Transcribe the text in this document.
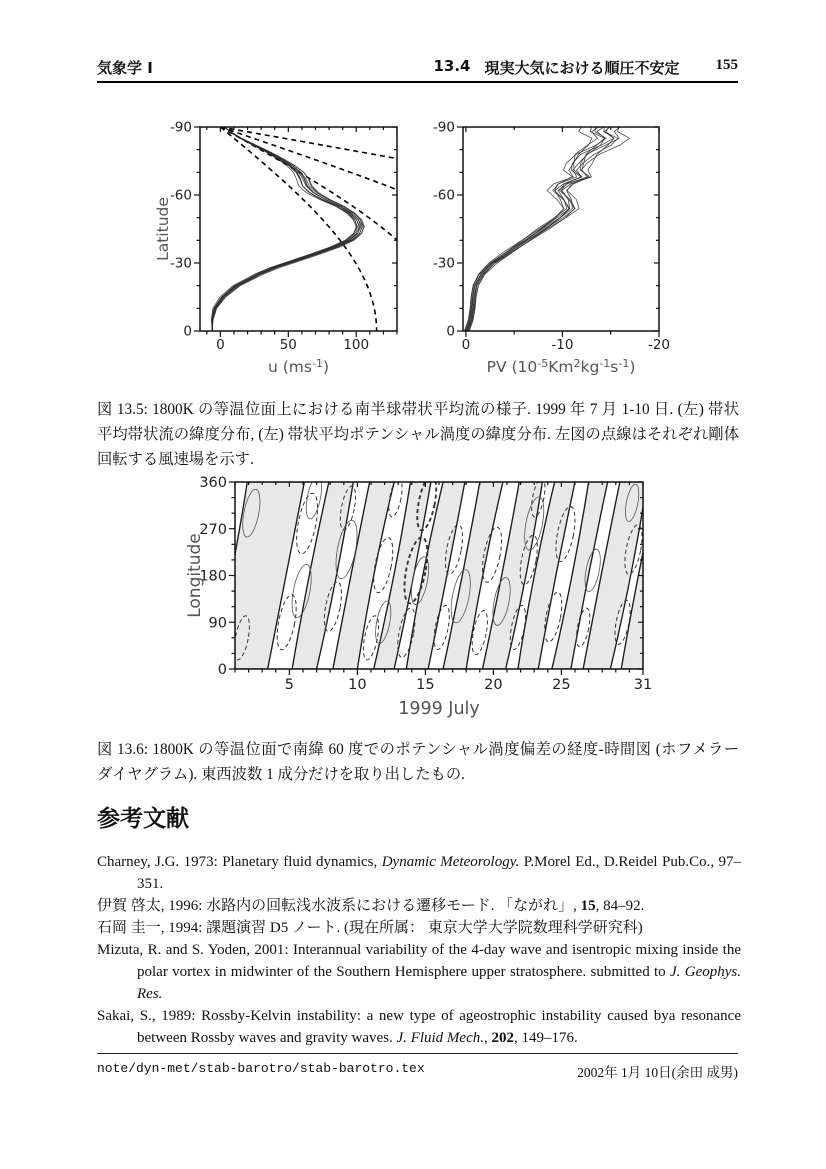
気象学 I	13.4 現実大気における順圧不安定 155
0	50	100
-90
-60
-30
0
Latitude
u $(ms^{-1})$
0	-10	-20
-90
-60
-30
0
PV $(10^{-5}Km^2kg^{-1}s^{-1})$
図 13.5: 1800K の等温位面上における南半球帯状平均流の様子. 1999 年 7 月 1-10 日. (左) 帯状平均帯状流の緯度分布, (左) 帯状平均ポテンシャル渦度の緯度分布. 左図の点線はそれぞれ剛体回転する風速場を示す.
5	10	15	20	25	31
0
90
180
270
360
Longitude
1999 July
図 13.6: 1800K の等温位面で南緯 60 度でのポテンシャル渦度偏差の経度-時間図 (ホフメラー ダイヤグラム). 東西波数 1 成分だけを取り出したもの.
参考文献

Charney, J.G. 1973: Planetary fluid dynamics, Dynamic Meteorology. P.Morel Ed., D.Reidel Pub.Co., 97–351.

伊賀 啓太, 1996: 水路内の回転浅水波系における遷移モード. 「ながれ」, 15, 84–92.

石岡 圭一, 1994: 課題演習 D5 ノート. (現在所属： 東京大学大学院数理科学研究科)

Mizuta, R. and S. Yoden, 2001: Interannual variability of the 4-day wave and isentropic mixing inside the polar vortex in midwinter of the Southern Hemisphere upper stratosphere. submitted to J. Geophys. Res.

Sakai, S., 1989: Rossby-Kelvin instability: a new type of ageostrophic instability caused bya resonance between Rossby waves and gravity waves. J. Fluid Mech., 202, 149–176.

note/dyn-met/stab-barotro/stab-barotro.tex	2002年 1月 10日(余田 成男)
